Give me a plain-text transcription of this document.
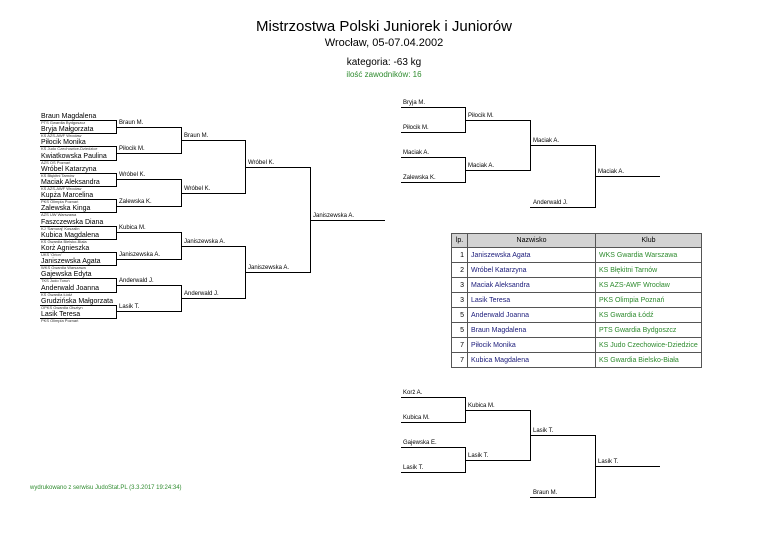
Mistrzostwa Polski Juniorek i Juniorów
Wrocław, 05-07.04.2002
kategoria: -63 kg
ilość zawodników: 16
Braun Magdalena
PTS Gwardia Bydgoszcz
Bryja Małgorzata
KS AZS-AWF Wrocław
Piłocik Monika
KS Judo Czechowice-Dziedzice
Kwiatkowska Paulina
AZS OŚ Poznań
Wróbel Katarzyna
KS Błękitni Tarnów
Maciak Aleksandra
KS AZS-AWF Wrocław
Kupża Marcelina
PKS Olimpia Poznań
Zalewska Kinga
AZS UW Warszawa
Faszczewska Diana
KJ 'Samuraj' Koszalin
Kubica Magdalena
KS Gwardia Bielsko-Biała
Korż Agnieszka
UKS 'Orion'
Janiszewska Agata
WKS Gwardia Warszawa
Gajewska Edyta
TKS Judo Toruń
Anderwald Joanna
KS Gwardia Łódź
Grudzińska Małgorzata
OPKS Gwardia Olsztyn
Lasik Teresa
PKS Olimpia Poznań
Braun M.
Piłocik M.
Wróbel K.
Zalewska K.
Kubica M.
Janiszewska A.
Anderwald J.
Lasik T.
Braun M.
Wróbel K.
Janiszewska A.
Anderwald J.
Wróbel K.
Janiszewska A.
Janiszewska A.
Bryja M.
Piłocik M.
Maciak A.
Zalewska K.
Piłocik M.
Maciak A.
Maciak A.
Anderwald J.
Maciak A.
Korż A.
Kubica M.
Gajewska E.
Lasik T.
Kubica M.
Lasik T.
Lasik T.
Braun M.
Lasik T.
lp.	Nazwisko	Klub
1	Janiszewska Agata	WKS Gwardia Warszawa
2	Wróbel Katarzyna	KS Błękitni Tarnów
3	Maciak Aleksandra	KS AZS-AWF Wrocław
3	Lasik Teresa	PKS Olimpia Poznań
5	Anderwald Joanna	KS Gwardia Łódź
5	Braun Magdalena	PTS Gwardia Bydgoszcz
7	Piłocik Monika	KS Judo Czechowice-Dziedzice
7	Kubica Magdalena	KS Gwardia Bielsko-Biała
wydrukowano z serwisu JudoStat.PL (3.3.2017 19:24:34)
